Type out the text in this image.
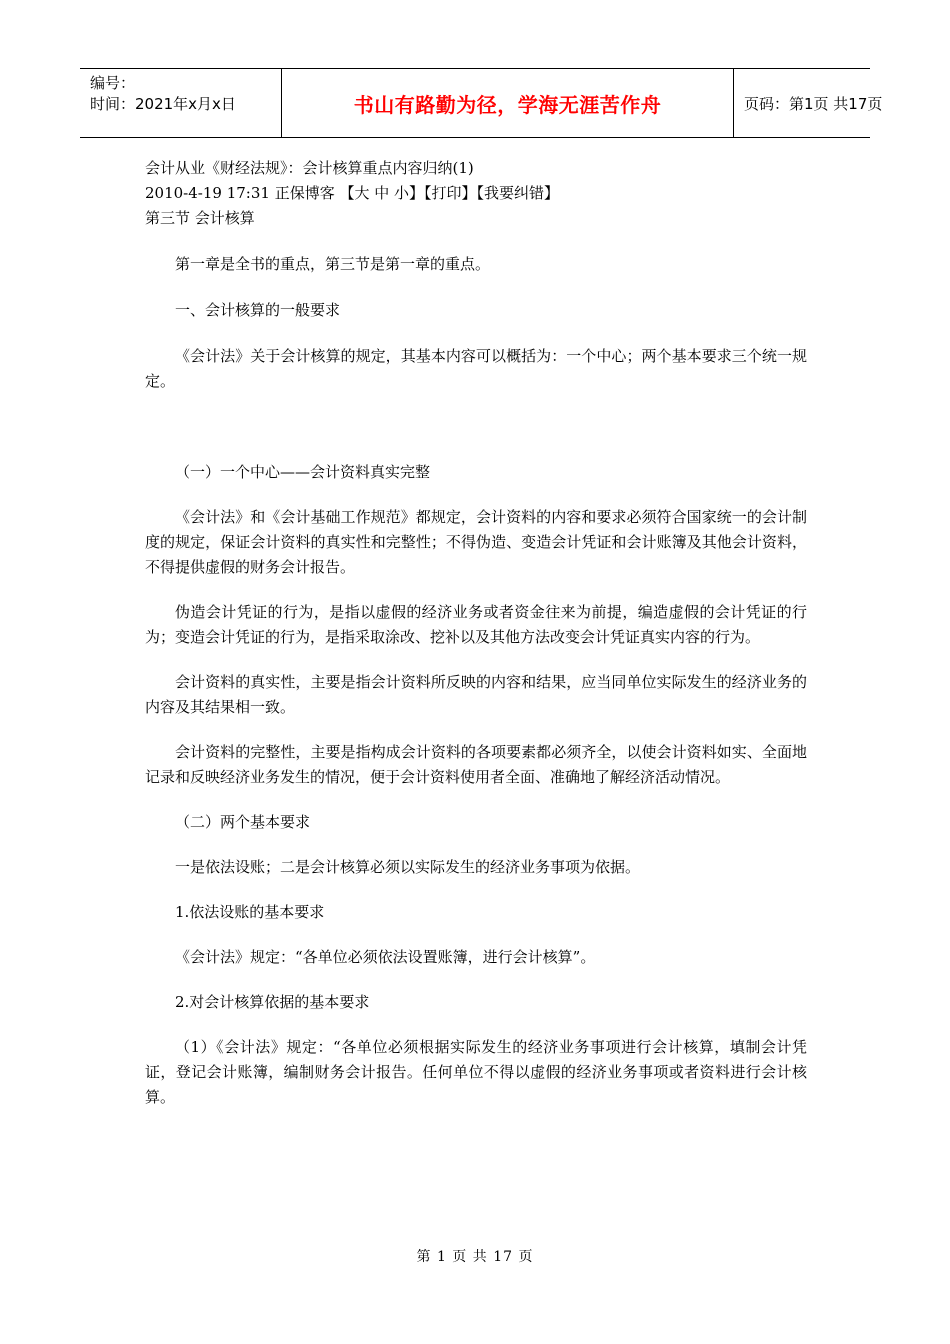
编号：
时间：2021年x月x日	书山有路勤为径，学海无涯苦作舟	页码：第1页 共17页
会计从业《财经法规》：会计核算重点内容归纳(1)
2010-4-19 17:31 正保博客 【大 中 小】【打印】【我要纠错】
第三节 会计核算

第一章是全书的重点，第三节是第一章的重点。

一、会计核算的一般要求

《会计法》关于会计核算的规定，其基本内容可以概括为：一个中心；两个基本要求三个统一规定。

（一）一个中心——会计资料真实完整

《会计法》和《会计基础工作规范》都规定，会计资料的内容和要求必须符合国家统一的会计制度的规定，保证会计资料的真实性和完整性；不得伪造、变造会计凭证和会计账簿及其他会计资料，不得提供虚假的财务会计报告。

伪造会计凭证的行为，是指以虚假的经济业务或者资金往来为前提，编造虚假的会计凭证的行为；变造会计凭证的行为，是指采取涂改、挖补以及其他方法改变会计凭证真实内容的行为。

会计资料的真实性，主要是指会计资料所反映的内容和结果，应当同单位实际发生的经济业务的内容及其结果相一致。

会计资料的完整性，主要是指构成会计资料的各项要素都必须齐全，以使会计资料如实、全面地记录和反映经济业务发生的情况，便于会计资料使用者全面、准确地了解经济活动情况。

（二）两个基本要求

一是依法设账；二是会计核算必须以实际发生的经济业务事项为依据。

1.依法设账的基本要求

《会计法》规定：“各单位必须依法设置账簿，进行会计核算”。

2.对会计核算依据的基本要求

（1）《会计法》规定：“各单位必须根据实际发生的经济业务事项进行会计核算，填制会计凭证，登记会计账簿，编制财务会计报告。任何单位不得以虚假的经济业务事项或者资料进行会计核算。

第 1 页 共 17 页
